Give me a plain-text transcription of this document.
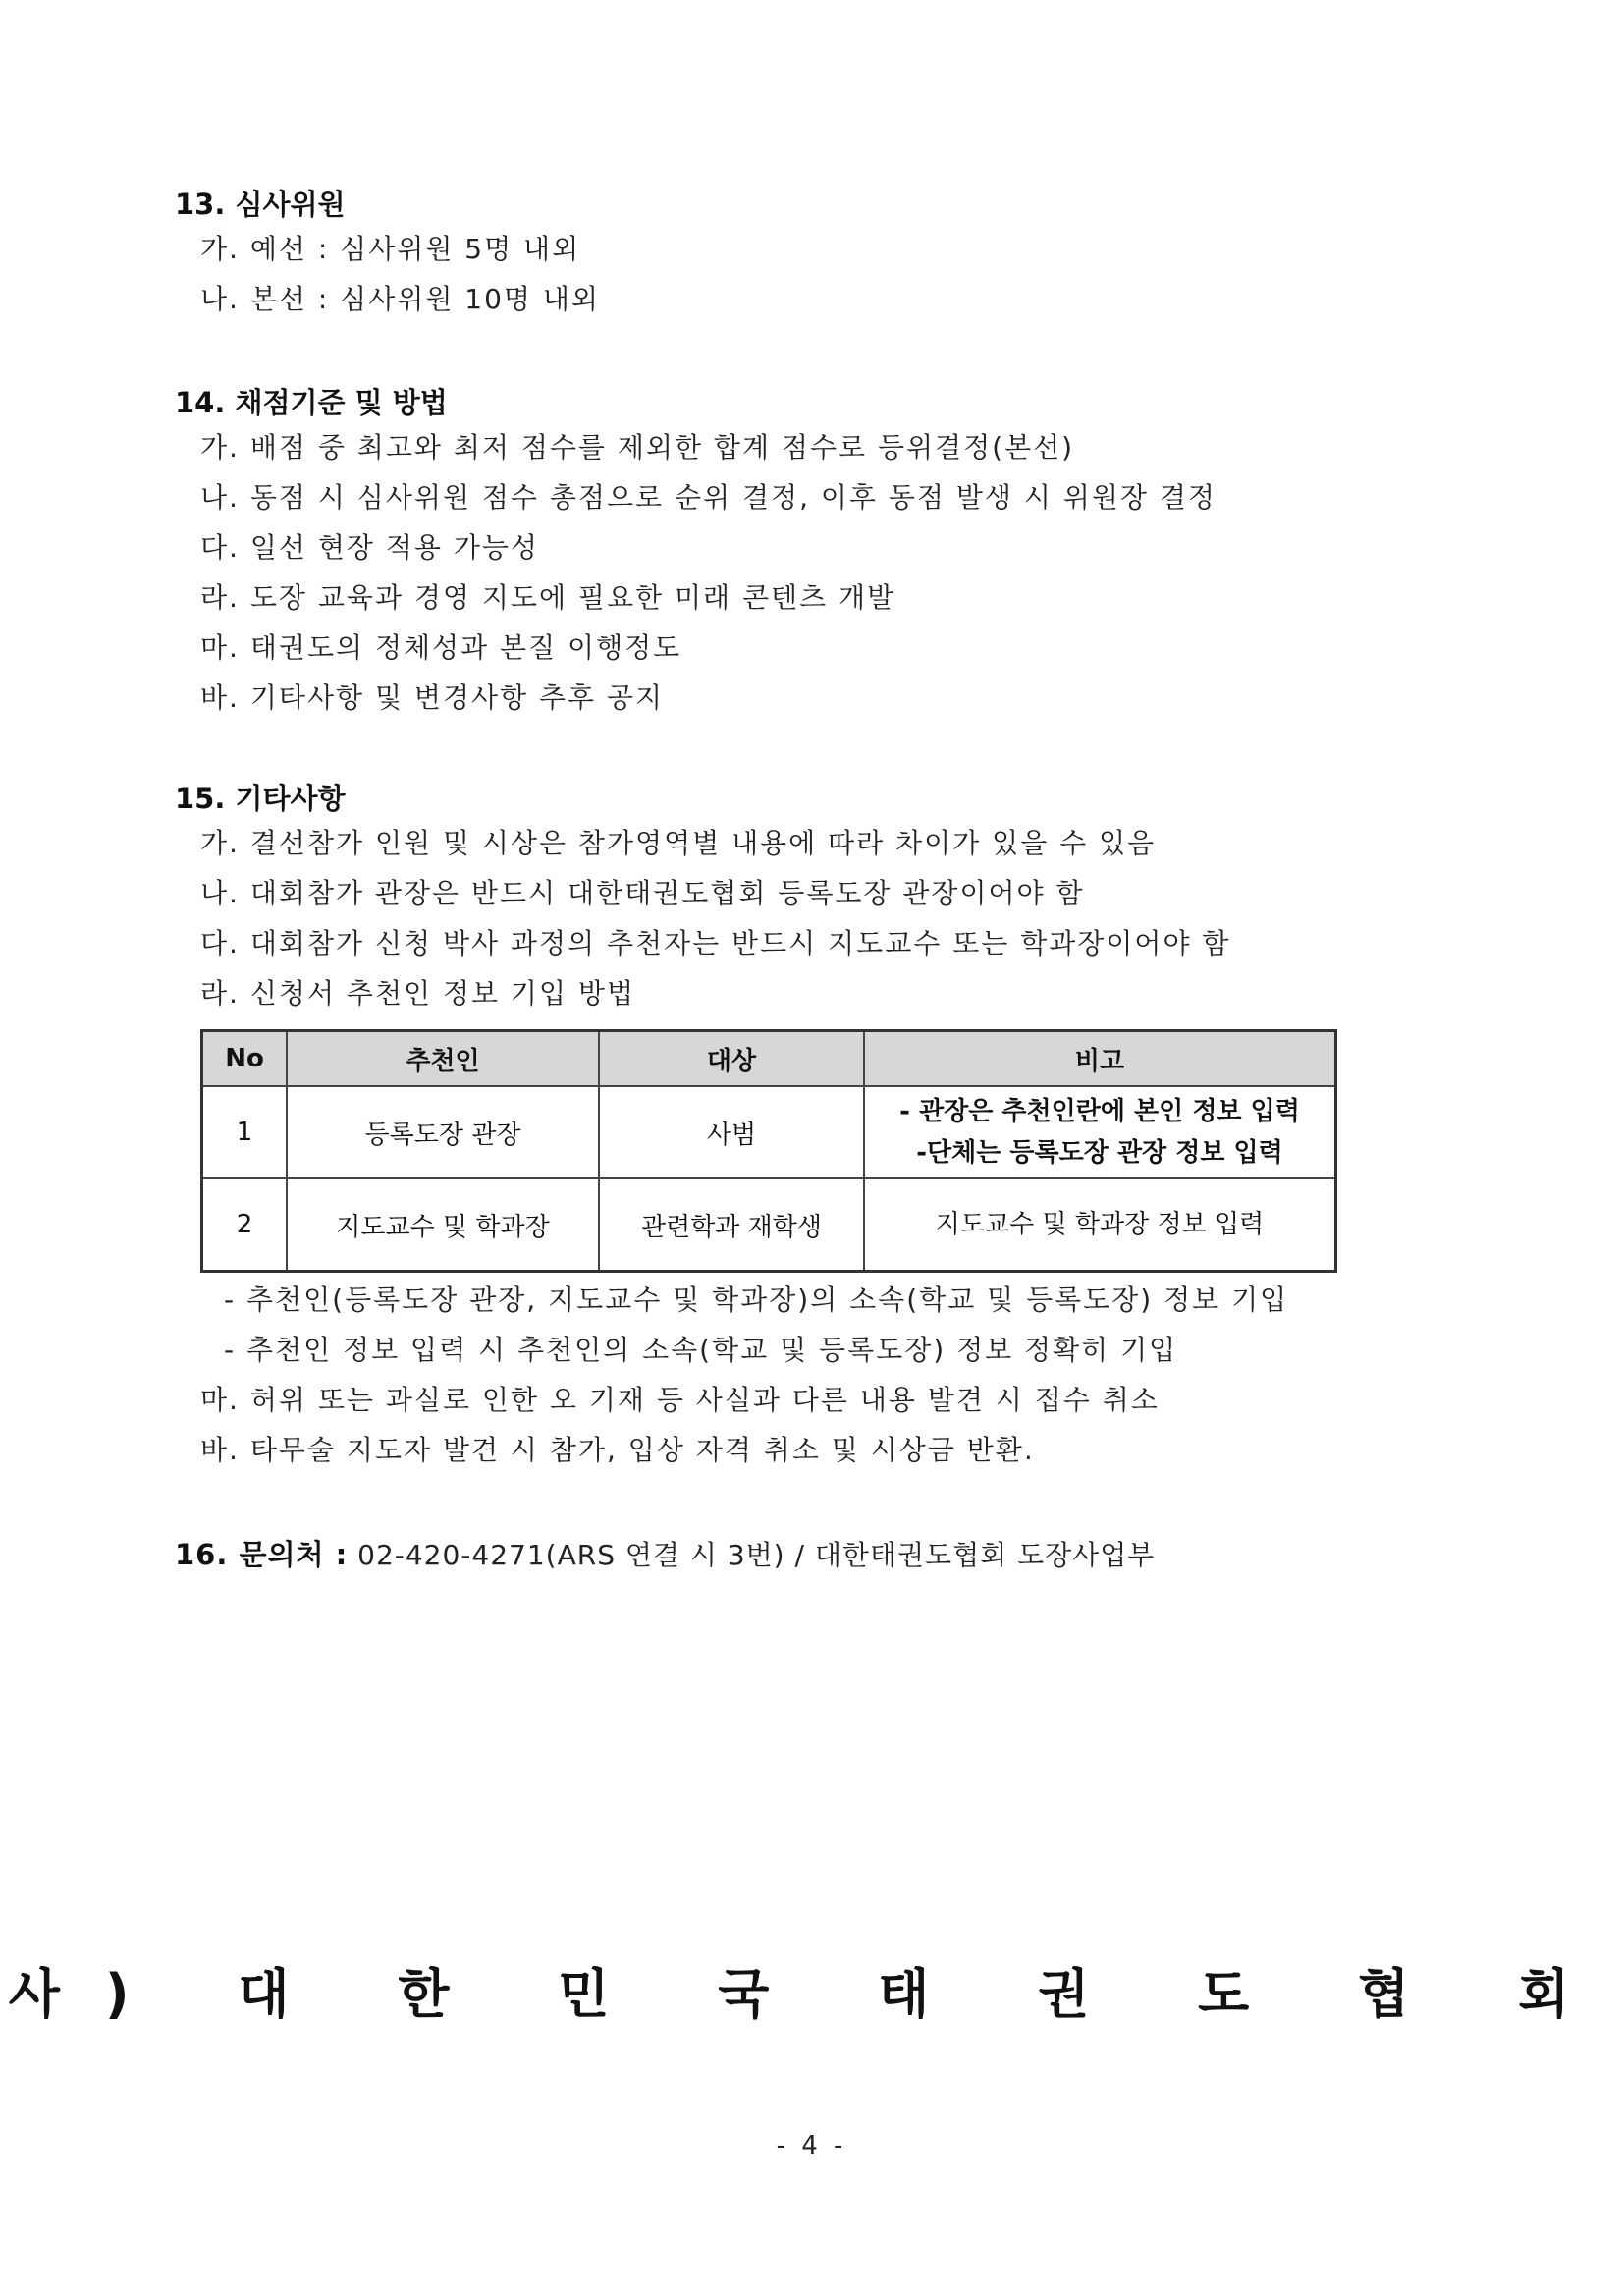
13. 심사위원
가. 예선 : 심사위원 5명 내외
나. 본선 : 심사위원 10명 내외
14. 채점기준 및 방법
가. 배점 중 최고와 최저 점수를 제외한 합계 점수로 등위결정(본선)
나. 동점 시 심사위원 점수 총점으로 순위 결정, 이후 동점 발생 시 위원장 결정
다. 일선 현장 적용 가능성
라. 도장 교육과 경영 지도에 필요한 미래 콘텐츠 개발
마. 태권도의 정체성과 본질 이행정도
바. 기타사항 및 변경사항 추후 공지
15. 기타사항
가. 결선참가 인원 및 시상은 참가영역별 내용에 따라 차이가 있을 수 있음
나. 대회참가 관장은 반드시 대한태권도협회 등록도장 관장이어야 함
다. 대회참가 신청 박사 과정의 추천자는 반드시 지도교수 또는 학과장이어야 함
라. 신청서 추천인 정보 기입 방법
No	추천인	대상	비고
1	등록도장 관장	사범	- 관장은 추천인란에 본인 정보 입력
-단체는 등록도장 관장 정보 입력

2	지도교수 및 학과장	관련학과 재학생	지도교수 및 학과장 정보 입력
- 추천인(등록도장 관장, 지도교수 및 학과장)의 소속(학교 및 등록도장) 정보 기입
- 추천인 정보 입력 시 추천인의 소속(학교 및 등록도장) 정보 정확히 기입
마. 허위 또는 과실로 인한 오 기재 등 사실과 다른 내용 발견 시 접수 취소
바. 타무술 지도자 발견 시 참가, 입상 자격 취소 및 시상금 반환.
16. 문의처 : 02-420-4271(ARS 연결 시 3번) / 대한태권도협회 도장사업부
사) 대 한 민 국 태 권 도 협 회
- 4 -
